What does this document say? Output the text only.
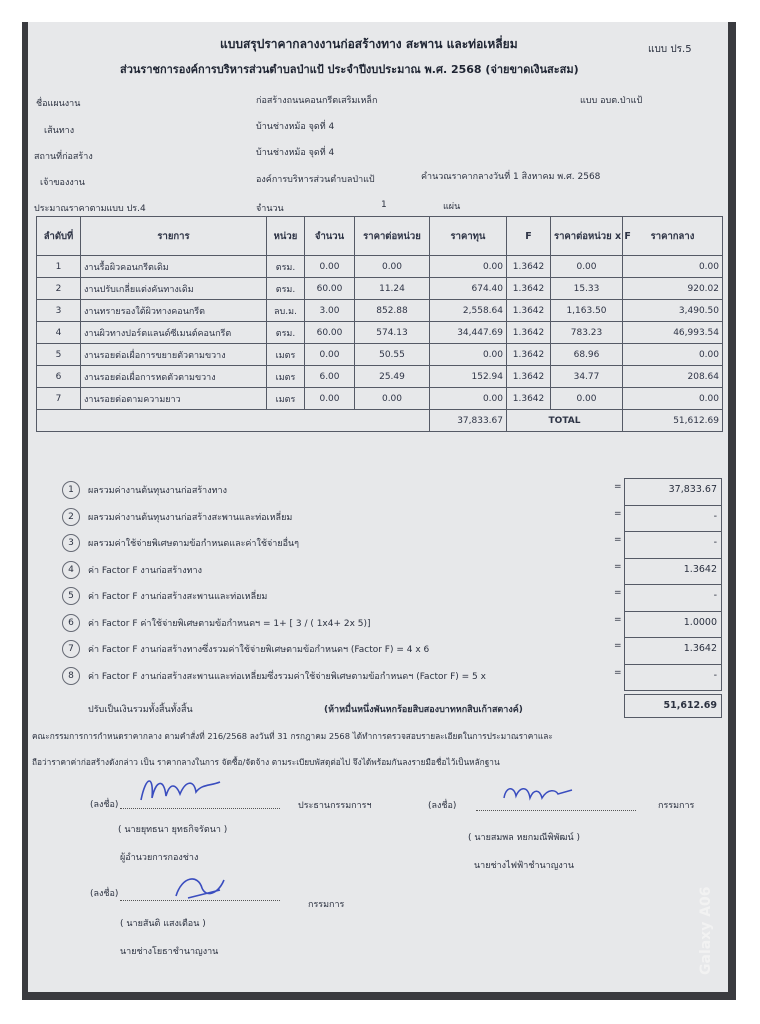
แบบสรุปราคากลางงานก่อสร้างทาง สะพาน และท่อเหลี่ยม	แบบ ปร.5
ส่วนราชการองค์การบริหารส่วนตำบลป่าแป้ ประจำปีงบประมาณ พ.ศ. 2568 (จ่ายขาดเงินสะสม)
ชื่อแผนงาน	ก่อสร้างถนนคอนกรีตเสริมเหล็ก	แบบ อบต.ป่าแป้
เส้นทาง	บ้านช่างหม้อ จุดที่ 4
สถานที่ก่อสร้าง	บ้านช่างหม้อ จุดที่ 4
เจ้าของงาน	องค์การบริหารส่วนตำบลป่าแป้	คำนวณราคากลางวันที่ 1 สิงหาคม พ.ศ. 2568
ประมาณราคาตามแบบ ปร.4	จำนวน	1	แผ่น
ลำดับที่	รายการ	หน่วย	จำนวน	ราคาต่อหน่วย	ราคาทุน	F	ราคาต่อหน่วย x F	ราคากลาง
1	งานรื้อผิวคอนกรีตเดิม	ตรม.	0.00	0.00	0.00	1.3642	0.00	0.00
2	งานปรับเกลี่ยแต่งคันทางเดิม	ตรม.	60.00	11.24	674.40	1.3642	15.33	920.02
3	งานทรายรองใต้ผิวทางคอนกรีต	ลบ.ม.	3.00	852.88	2,558.64	1.3642	1,163.50	3,490.50
4	งานผิวทางปอร์ตแลนด์ซีเมนต์คอนกรีต	ตรม.	60.00	574.13	34,447.69	1.3642	783.23	46,993.54
5	งานรอยต่อเผื่อการขยายตัวตามขวาง	เมตร	0.00	50.55	0.00	1.3642	68.96	0.00
6	งานรอยต่อเผื่อการหดตัวตามขวาง	เมตร	6.00	25.49	152.94	1.3642	34.77	208.64
7	งานรอยต่อตามความยาว	เมตร	0.00	0.00	0.00	1.3642	0.00	0.00
					37,833.67	TOTAL		51,612.69
1	ผลรวมค่างานต้นทุนงานก่อสร้างทาง	=	37,833.67
2	ผลรวมค่างานต้นทุนงานก่อสร้างสะพานและท่อเหลี่ยม	=	-
3	ผลรวมค่าใช้จ่ายพิเศษตามข้อกำหนดและค่าใช้จ่ายอื่นๆ	=	-
4	ค่า Factor F งานก่อสร้างทาง	=	1.3642
5	ค่า Factor F งานก่อสร้างสะพานและท่อเหลี่ยม	=	-
6	ค่า Factor F ค่าใช้จ่ายพิเศษตามข้อกำหนดฯ = 1+ [ 3 / ( 1x4+ 2x 5)]	=	1.0000
7	ค่า Factor F งานก่อสร้างทางซึ่งรวมค่าใช้จ่ายพิเศษตามข้อกำหนดฯ (Factor F) = 4 x 6	=	1.3642
8	ค่า Factor F งานก่อสร้างสะพานและท่อเหลี่ยมซึ่งรวมค่าใช้จ่ายพิเศษตามข้อกำหนดฯ (Factor F) = 5 x	=	-
ปรับเป็นเงินรวมทั้งสิ้นทั้งสิ้น	(ห้าหมื่นหนึ่งพันหกร้อยสิบสองบาทหกสิบเก้าสตางค์)	51,612.69
คณะกรรมการการกำหนดราคากลาง ตามคำสั่งที่ 216/2568 ลงวันที่ 31 กรกฎาคม 2568 ได้ทำการตรวจสอบรายละเอียดในการประมาณราคาและ
ถือว่าราคาค่าก่อสร้างดังกล่าว เป็น ราคากลางในการ จัดซื้อ/จัดจ้าง ตามระเบียบพัสดุต่อไป จึงได้พร้อมกันลงรายมือชื่อไว้เป็นหลักฐาน
(ลงชื่อ)	ประธานกรรมการฯ	(ลงชื่อ)	กรรมการ
( นายยุทธนา ยุทธกิจรัตนา )
ผู้อำนวยการกองช่าง
( นายสมพล หยกมณีพิพัฒน์ )
นายช่างไฟฟ้าชำนาญงาน
(ลงชื่อ)
กรรมการ
( นายสันติ แสงเตือน )
นายช่างโยธาชำนาญงาน	Galaxy A06
